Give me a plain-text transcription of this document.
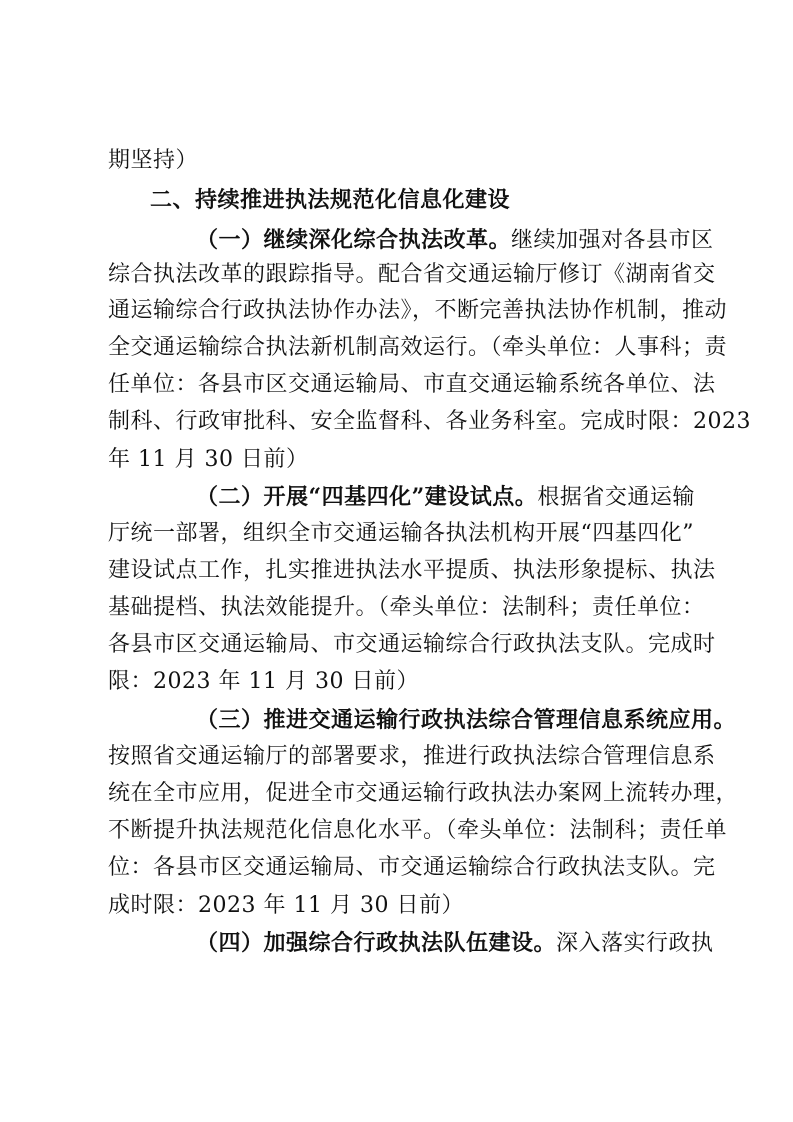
期坚持）
二、持续推进执法规范化信息化建设
（一）继续深化综合执法改革。继续加强对各县市区
综合执法改革的跟踪指导。配合省交通运输厅修订《湖南省交
通运输综合行政执法协作办法》，不断完善执法协作机制，推动
全交通运输综合执法新机制高效运行。（牵头单位：人事科；责
任单位：各县市区交通运输局、市直交通运输系统各单位、法
制科、行政审批科、安全监督科、各业务科室。完成时限：2023
年 11 月 30 日前）
（二）开展“四基四化”建设试点。根据省交通运输
厅统一部署，组织全市交通运输各执法机构开展“四基四化”
建设试点工作，扎实推进执法水平提质、执法形象提标、执法
基础提档、执法效能提升。（牵头单位：法制科；责任单位：
各县市区交通运输局、市交通运输综合行政执法支队。完成时
限：2023 年 11 月 30 日前）
（三）推进交通运输行政执法综合管理信息系统应用。
按照省交通运输厅的部署要求，推进行政执法综合管理信息系
统在全市应用，促进全市交通运输行政执法办案网上流转办理，
不断提升执法规范化信息化水平。（牵头单位：法制科；责任单
位：各县市区交通运输局、市交通运输综合行政执法支队。完
成时限：2023 年 11 月 30 日前）
（四）加强综合行政执法队伍建设。深入落实行政执
